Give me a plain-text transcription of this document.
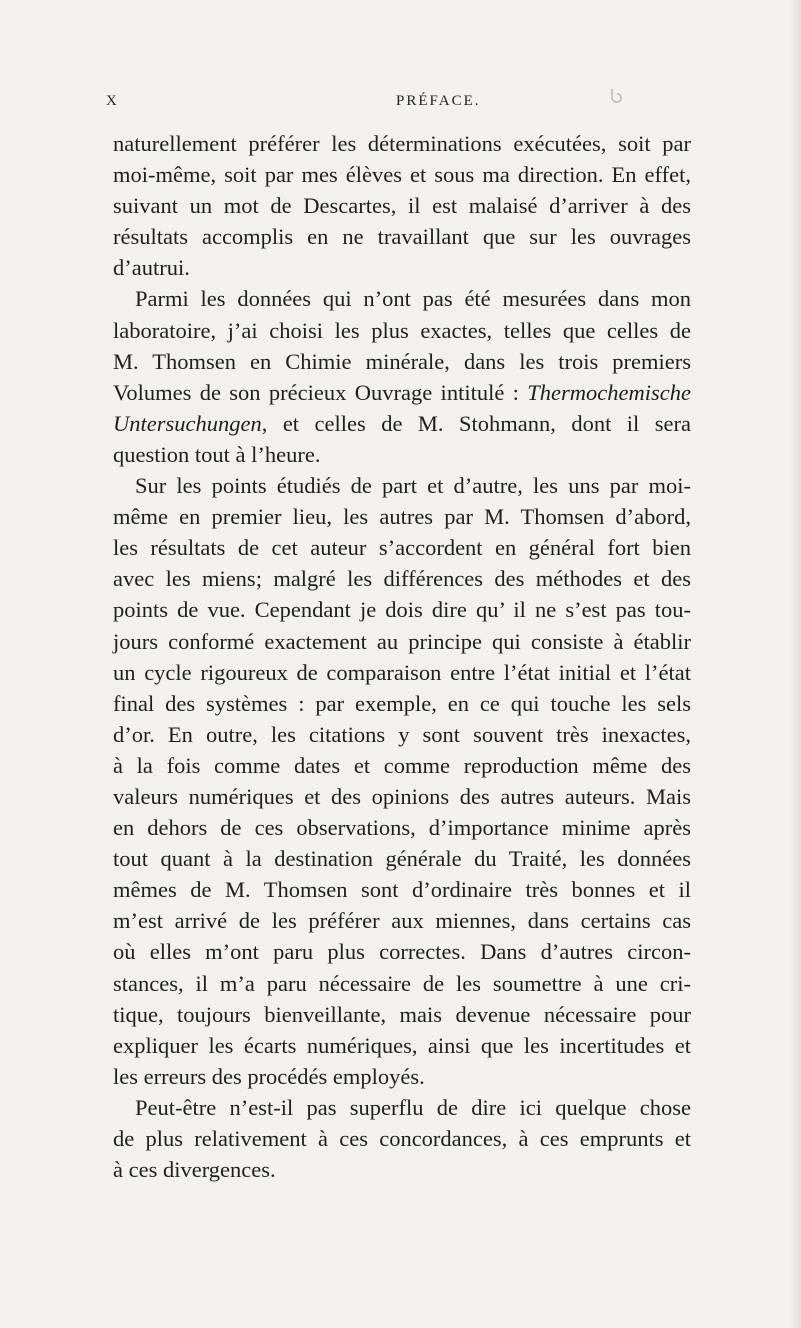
X	PRÉFACE.
naturellement préférer les déterminations exécutées, soit par
moi-même, soit par mes élèves et sous ma direction. En effet,
suivant un mot de Descartes, il est malaisé d’arriver à des
résultats accomplis en ne travaillant que sur les ouvrages
d’autrui.
Parmi les données qui n’ont pas été mesurées dans mon
laboratoire, j’ai choisi les plus exactes, telles que celles de
M. Thomsen en Chimie minérale, dans les trois premiers
Volumes de son précieux Ouvrage intitulé : Thermochemische
Untersuchungen, et celles de M. Stohmann, dont il sera
question tout à l’heure.
Sur les points étudiés de part et d’autre, les uns par moi-
même en premier lieu, les autres par M. Thomsen d’abord,
les résultats de cet auteur s’accordent en général fort bien
avec les miens; malgré les différences des méthodes et des
points de vue. Cependant je dois dire qu’ il ne s’est pas tou-
jours conformé exactement au principe qui consiste à établir
un cycle rigoureux de comparaison entre l’état initial et l’état
final des systèmes : par exemple, en ce qui touche les sels
d’or. En outre, les citations y sont souvent très inexactes,
à la fois comme dates et comme reproduction même des
valeurs numériques et des opinions des autres auteurs. Mais
en dehors de ces observations, d’importance minime après
tout quant à la destination générale du Traité, les données
mêmes de M. Thomsen sont d’ordinaire très bonnes et il
m’est arrivé de les préférer aux miennes, dans certains cas
où elles m’ont paru plus correctes. Dans d’autres circon-
stances, il m’a paru nécessaire de les soumettre à une cri-
tique, toujours bienveillante, mais devenue nécessaire pour
expliquer les écarts numériques, ainsi que les incertitudes et
les erreurs des procédés employés.
Peut-être n’est-il pas superflu de dire ici quelque chose
de plus relativement à ces concordances, à ces emprunts et
à ces divergences.
